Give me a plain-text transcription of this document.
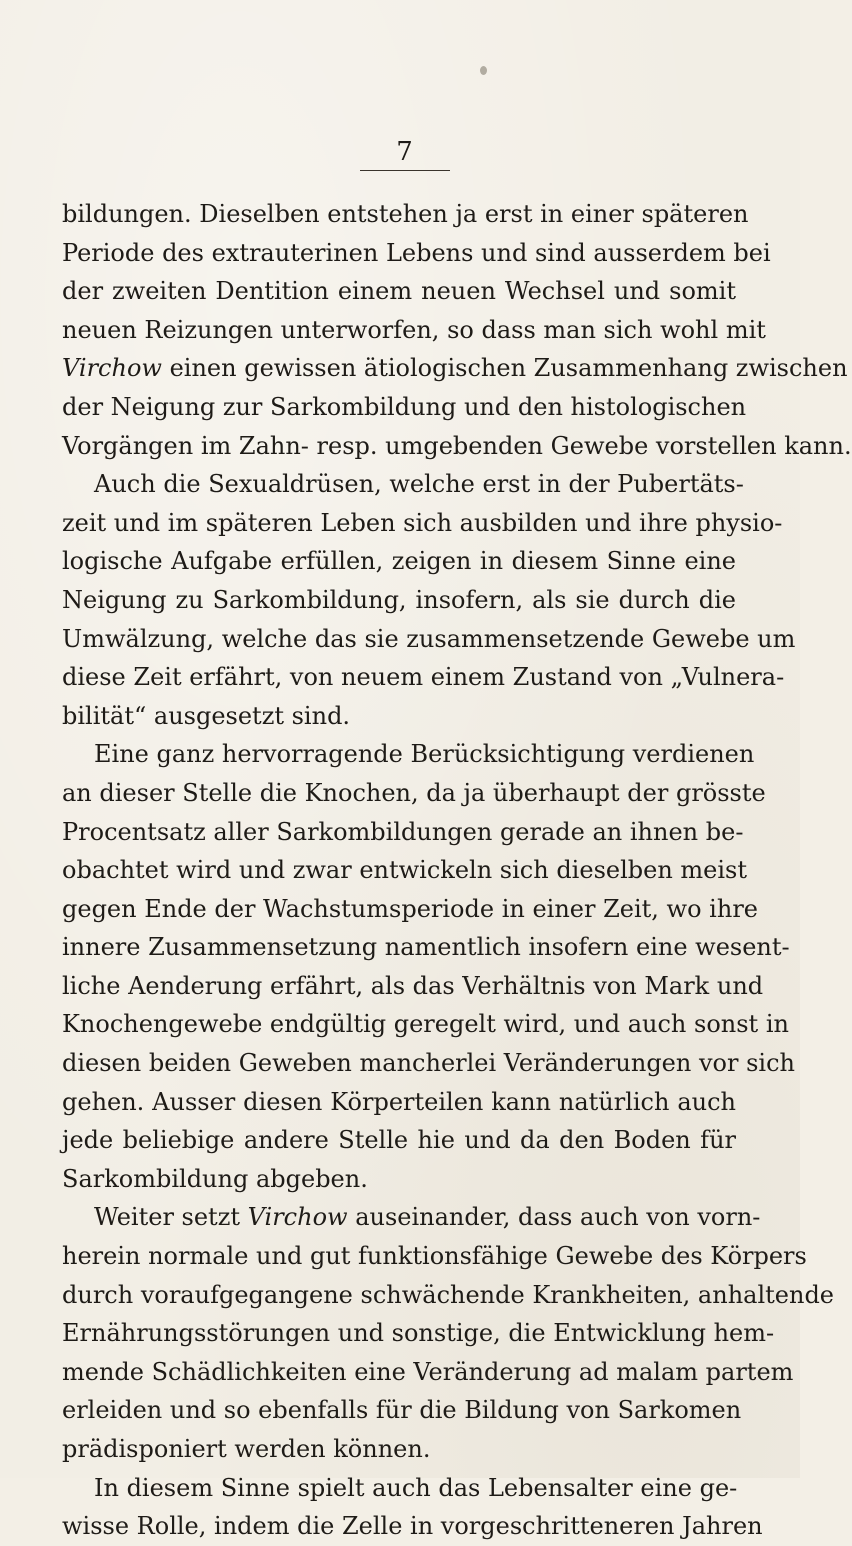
7
bildungen. Dieselben entstehen ja erst in einer späteren
Periode des extrauterinen Lebens und sind ausserdem bei
der zweiten Dentition einem neuen Wechsel und somit
neuen Reizungen unterworfen, so dass man sich wohl mit
Virchow einen gewissen ätiologischen Zusammenhang zwischen
der Neigung zur Sarkombildung und den histologischen
Vorgängen im Zahn- resp. umgebenden Gewebe vorstellen kann.
Auch die Sexualdrüsen, welche erst in der Pubertäts-
zeit und im späteren Leben sich ausbilden und ihre physio-
logische Aufgabe erfüllen, zeigen in diesem Sinne eine
Neigung zu Sarkombildung, insofern, als sie durch die
Umwälzung, welche das sie zusammensetzende Gewebe um
diese Zeit erfährt, von neuem einem Zustand von „Vulnera-
bilität“ ausgesetzt sind.
Eine ganz hervorragende Berücksichtigung verdienen
an dieser Stelle die Knochen, da ja überhaupt der grösste
Procentsatz aller Sarkombildungen gerade an ihnen be-
obachtet wird und zwar entwickeln sich dieselben meist
gegen Ende der Wachstumsperiode in einer Zeit, wo ihre
innere Zusammensetzung namentlich insofern eine wesent-
liche Aenderung erfährt, als das Verhältnis von Mark und
Knochengewebe endgültig geregelt wird, und auch sonst in
diesen beiden Geweben mancherlei Veränderungen vor sich
gehen. Ausser diesen Körperteilen kann natürlich auch
jede beliebige andere Stelle hie und da den Boden für
Sarkombildung abgeben.
Weiter setzt Virchow auseinander, dass auch von vorn-
herein normale und gut funktionsfähige Gewebe des Körpers
durch voraufgegangene schwächende Krankheiten, anhaltende
Ernährungsstörungen und sonstige, die Entwicklung hem-
mende Schädlichkeiten eine Veränderung ad malam partem
erleiden und so ebenfalls für die Bildung von Sarkomen
prädisponiert werden können.
In diesem Sinne spielt auch das Lebensalter eine ge-
wisse Rolle, indem die Zelle in vorgeschritteneren Jahren
